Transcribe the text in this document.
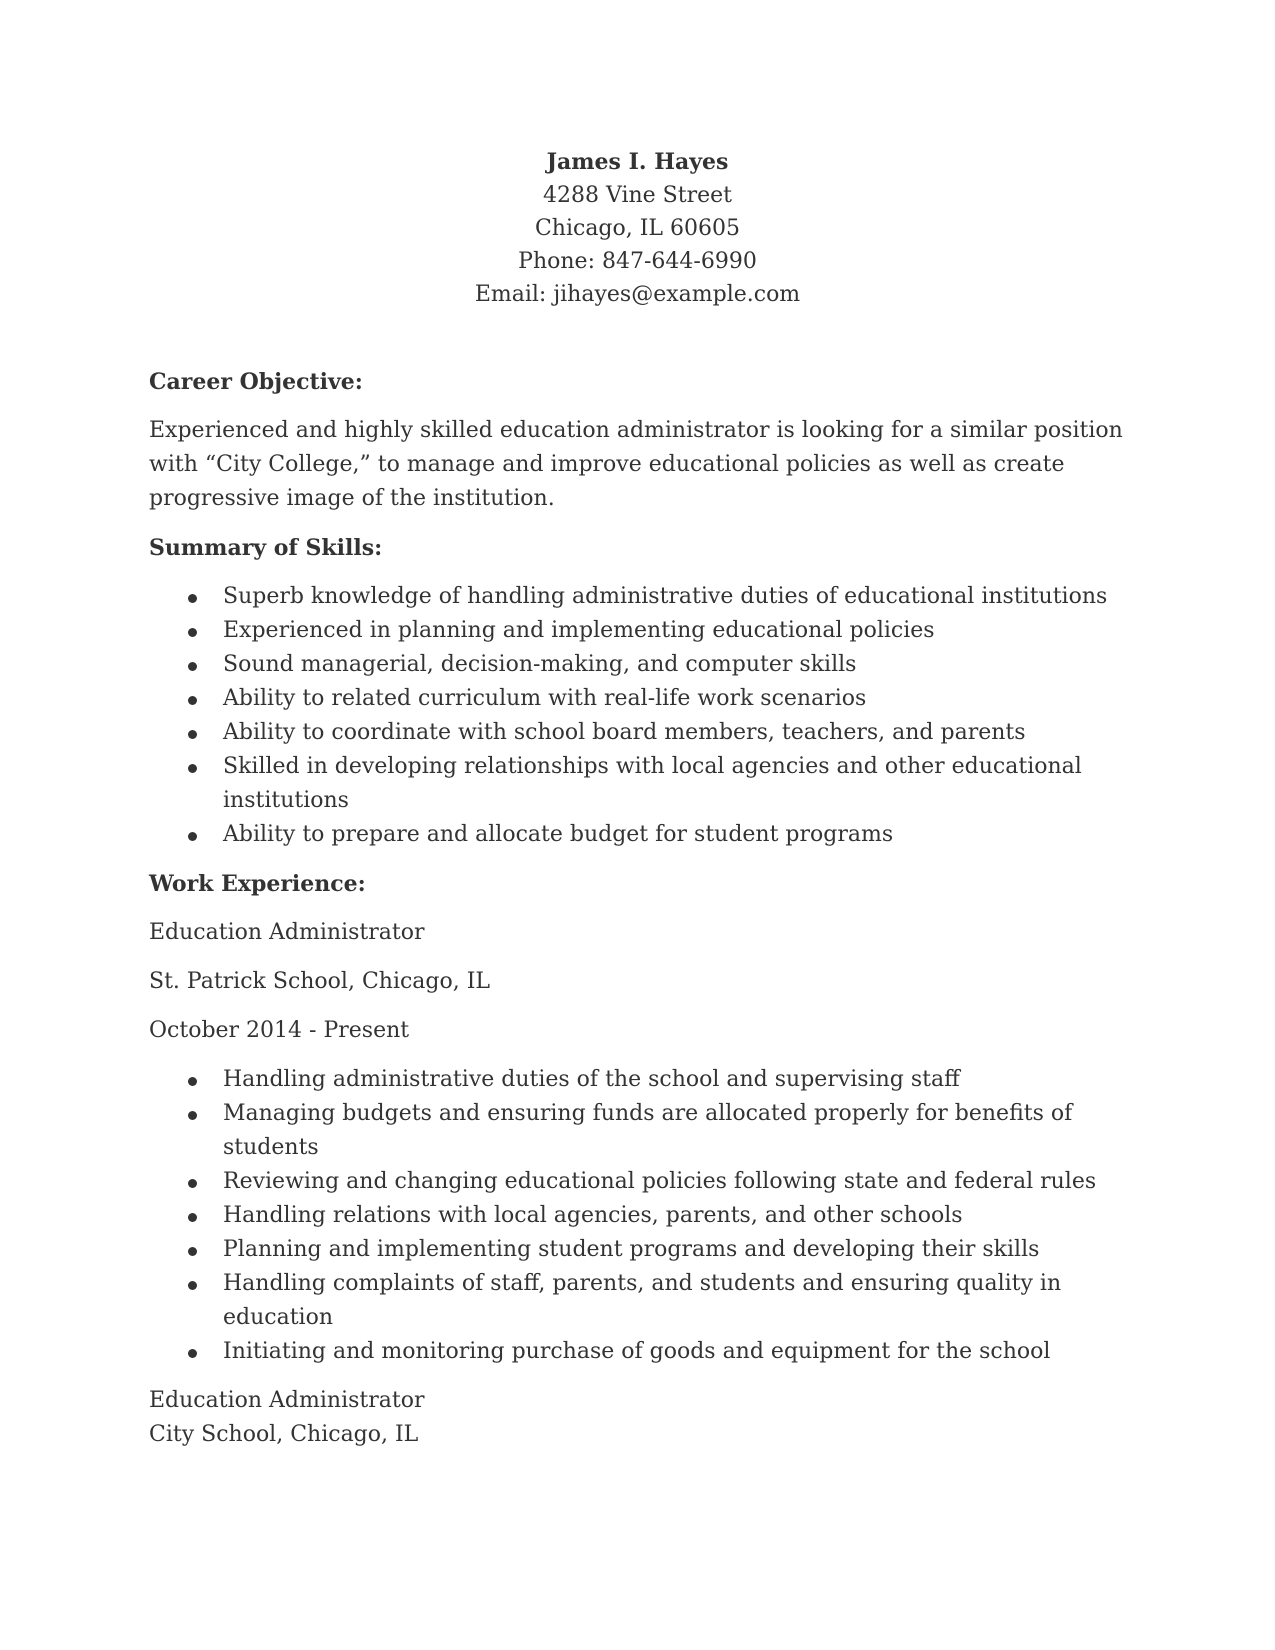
James I. Hayes
4288 Vine Street
Chicago, IL 60605
Phone: 847-644-6990
Email: jihayes@example.com
Career Objective:
Experienced and highly skilled education administrator is looking for a similar position with “City College,” to manage and improve educational policies as well as create progressive image of the institution.
Summary of Skills:
Superb knowledge of handling administrative duties of educational institutions
Experienced in planning and implementing educational policies
Sound managerial, decision-making, and computer skills
Ability to related curriculum with real-life work scenarios
Ability to coordinate with school board members, teachers, and parents
Skilled in developing relationships with local agencies and other educational institutions
Ability to prepare and allocate budget for student programs
Work Experience:
Education Administrator
St. Patrick School, Chicago, IL
October 2014 - Present
Handling administrative duties of the school and supervising staff
Managing budgets and ensuring funds are allocated properly for benefits of students
Reviewing and changing educational policies following state and federal rules
Handling relations with local agencies, parents, and other schools
Planning and implementing student programs and developing their skills
Handling complaints of staff, parents, and students and ensuring quality in education
Initiating and monitoring purchase of goods and equipment for the school
Education Administrator
City School, Chicago, IL
